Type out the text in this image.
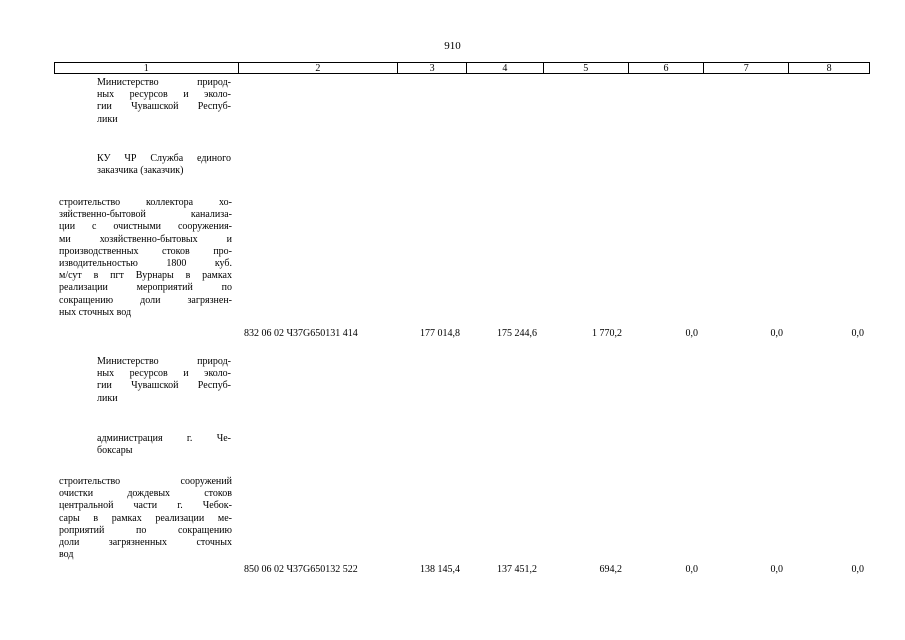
910
1	2	3	4	5	6	7	8
Министерство природ-
ных ресурсов и эколо-
гии Чувашской Респуб-
лики
КУ ЧР Служба единого
заказчика (заказчик)
строительство коллектора хо-
зяйственно-бытовой канализа-
ции с очистными сооружения-
ми хозяйственно-бытовых и
производственных стоков про-
изводительностью 1800 куб.
м/сут в пгт Вурнары в рамках
реализации мероприятий по
сокращению доли загрязнен-
ных сточных вод
832 06 02 Ч37G650131 414	177 014,8	175 244,6	1 770,2	0,0	0,0	0,0
Министерство природ-
ных ресурсов и эколо-
гии Чувашской Респуб-
лики
администрация г. Че-
боксары
строительство сооружений
очистки дождевых стоков
центральной части г. Чебок-
сары в рамках реализации ме-
роприятий по сокращению
доли загрязненных сточных
вод
850 06 02 Ч37G650132 522	138 145,4	137 451,2	694,2	0,0	0,0	0,0
